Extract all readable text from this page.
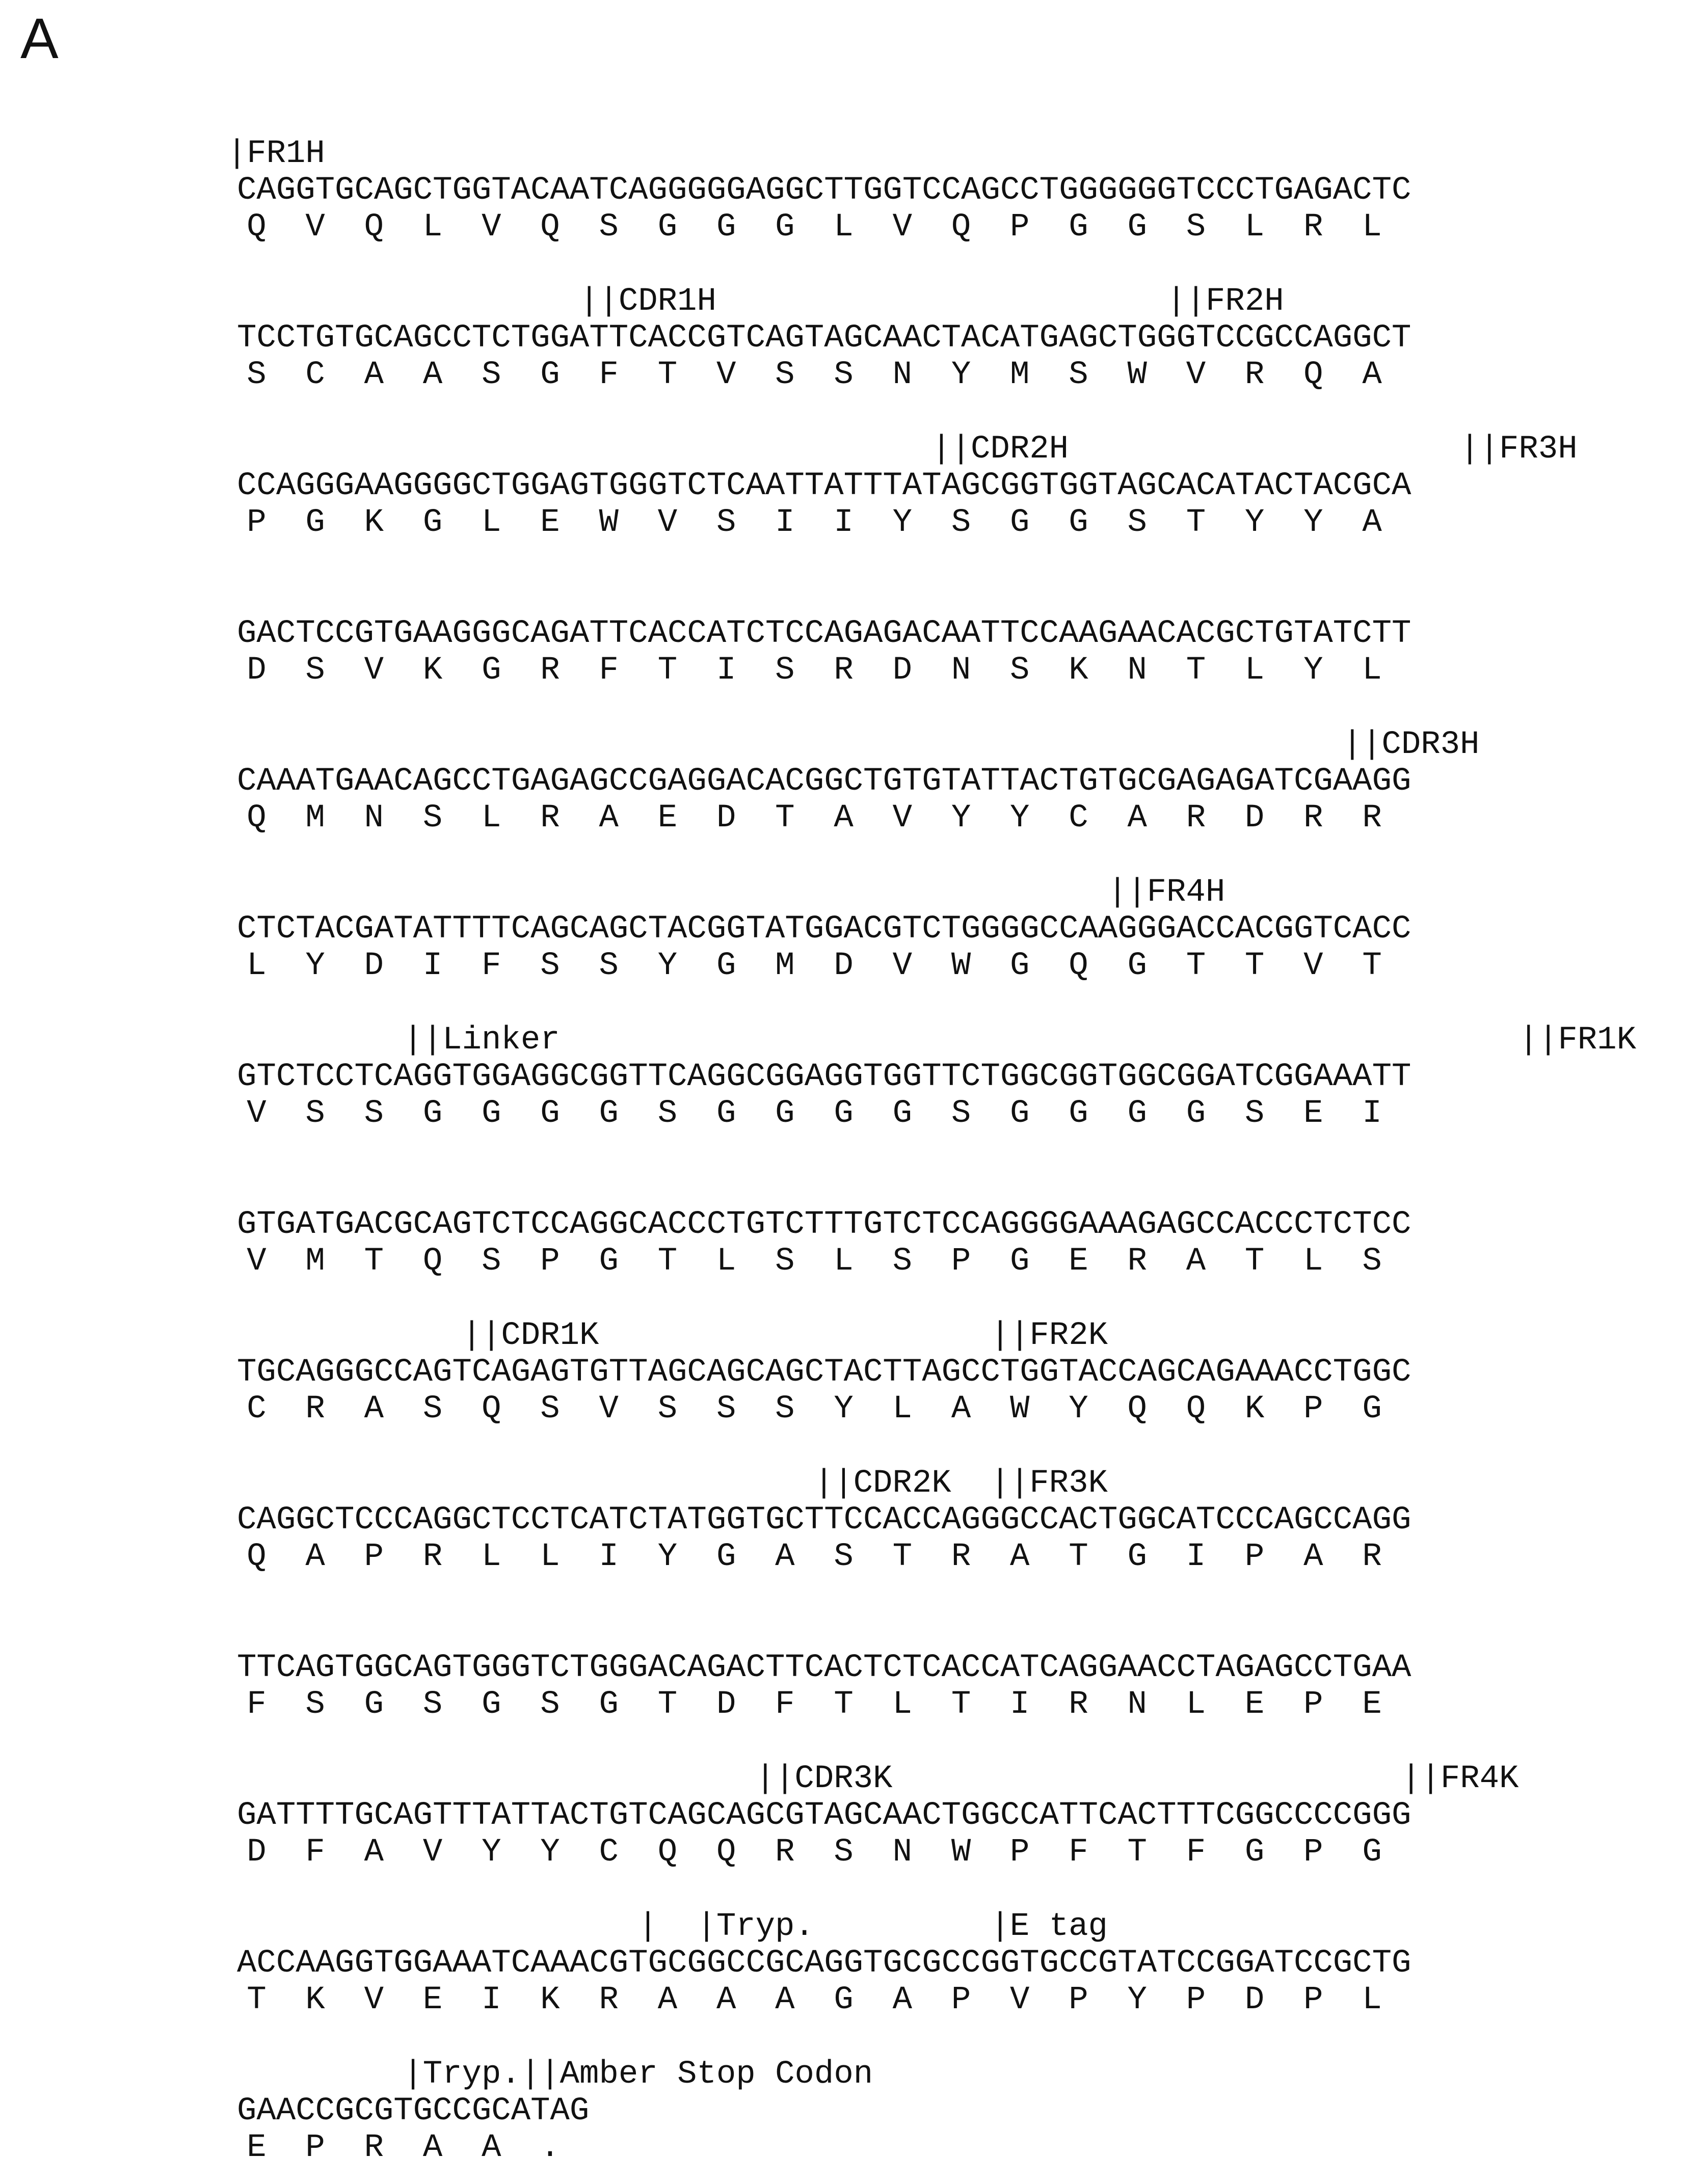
A
|FR1H
CAGGTGCAGCTGGTACAATCAGGGGGAGGCTTGGTCCAGCCTGGGGGGTCCCTGAGACTC
Q  V  Q  L  V  Q  S  G  G  G  L  V  Q  P  G  G  S  L  R  L
||CDR1H                       ||FR2H
TCCTGTGCAGCCTCTGGATTCACCGTCAGTAGCAACTACATGAGCTGGGTCCGCCAGGCT
S  C  A  A  S  G  F  T  V  S  S  N  Y  M  S  W  V  R  Q  A
||CDR2H                    ||FR3H
CCAGGGAAGGGGCTGGAGTGGGTCTCAATTATTTATAGCGGTGGTAGCACATACTACGCA
P  G  K  G  L  E  W  V  S  I  I  Y  S  G  G  S  T  Y  Y  A
GACTCCGTGAAGGGCAGATTCACCATCTCCAGAGACAATTCCAAGAACACGCTGTATCTT
D  S  V  K  G  R  F  T  I  S  R  D  N  S  K  N  T  L  Y  L
||CDR3H
CAAATGAACAGCCTGAGAGCCGAGGACACGGCTGTGTATTACTGTGCGAGAGATCGAAGG
Q  M  N  S  L  R  A  E  D  T  A  V  Y  Y  C  A  R  D  R  R
||FR4H
CTCTACGATATTTTCAGCAGCTACGGTATGGACGTCTGGGGCCAAGGGACCACGGTCACC
L  Y  D  I  F  S  S  Y  G  M  D  V  W  G  Q  G  T  T  V  T
||Linker                                                 ||FR1K
GTCTCCTCAGGTGGAGGCGGTTCAGGCGGAGGTGGTTCTGGCGGTGGCGGATCGGAAATT
V  S  S  G  G  G  G  S  G  G  G  G  S  G  G  G  G  S  E  I
GTGATGACGCAGTCTCCAGGCACCCTGTCTTTGTCTCCAGGGGAAAGAGCCACCCTCTCC
V  M  T  Q  S  P  G  T  L  S  L  S  P  G  E  R  A  T  L  S
||CDR1K                    ||FR2K
TGCAGGGCCAGTCAGAGTGTTAGCAGCAGCTACTTAGCCTGGTACCAGCAGAAACCTGGC
C  R  A  S  Q  S  V  S  S  S  Y  L  A  W  Y  Q  Q  K  P  G
||CDR2K  ||FR3K
CAGGCTCCCAGGCTCCTCATCTATGGTGCTTCCACCAGGGCCACTGGCATCCCAGCCAGG
Q  A  P  R  L  L  I  Y  G  A  S  T  R  A  T  G  I  P  A  R
TTCAGTGGCAGTGGGTCTGGGACAGACTTCACTCTCACCATCAGGAACCTAGAGCCTGAA
F  S  G  S  G  S  G  T  D  F  T  L  T  I  R  N  L  E  P  E
||CDR3K                          ||FR4K
GATTTTGCAGTTTATTACTGTCAGCAGCGTAGCAACTGGCCATTCACTTTCGGCCCCGGG
D  F  A  V  Y  Y  C  Q  Q  R  S  N  W  P  F  T  F  G  P  G
|  |Tryp.         |E tag
ACCAAGGTGGAAATCAAACGTGCGGCCGCAGGTGCGCCGGTGCCGTATCCGGATCCGCTG
T  K  V  E  I  K  R  A  A  A  G  A  P  V  P  Y  P  D  P  L
|Tryp.||Amber Stop Codon
GAACCGCGTGCCGCATAG
E  P  R  A  A  .
